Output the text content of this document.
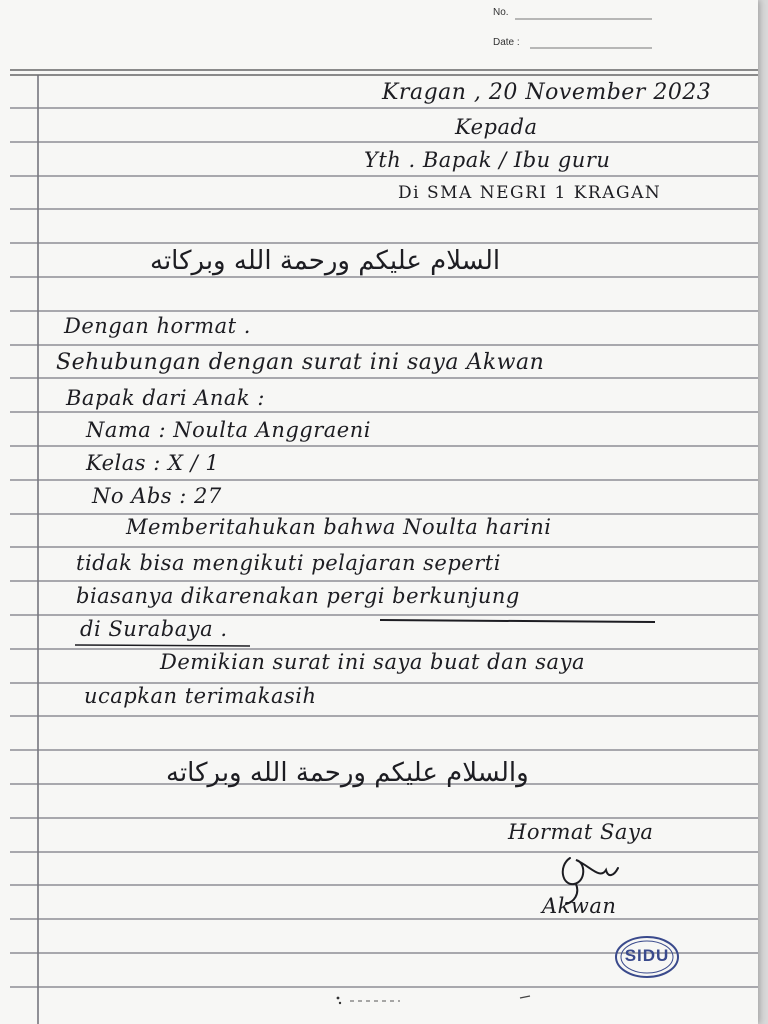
No.
Date :
Kragan , 20 November 2023
Kepada
Yth . Bapak / Ibu guru
Di SMA NEGRI 1 KRAGAN
السلام عليكم ورحمة الله وبركاته
Dengan hormat .
Sehubungan dengan surat ini saya Akwan
Bapak dari Anak :
Nama : Noulta Anggraeni
Kelas : X / 1
No Abs : 27
Memberitahukan bahwa Noulta harini
tidak bisa mengikuti pelajaran seperti
biasanya dikarenakan pergi berkunjung
di Surabaya .
Demikian surat ini saya buat dan saya
ucapkan terimakasih
والسلام عليكم ورحمة الله وبركاته
Hormat Saya
Akwan
SIDU
